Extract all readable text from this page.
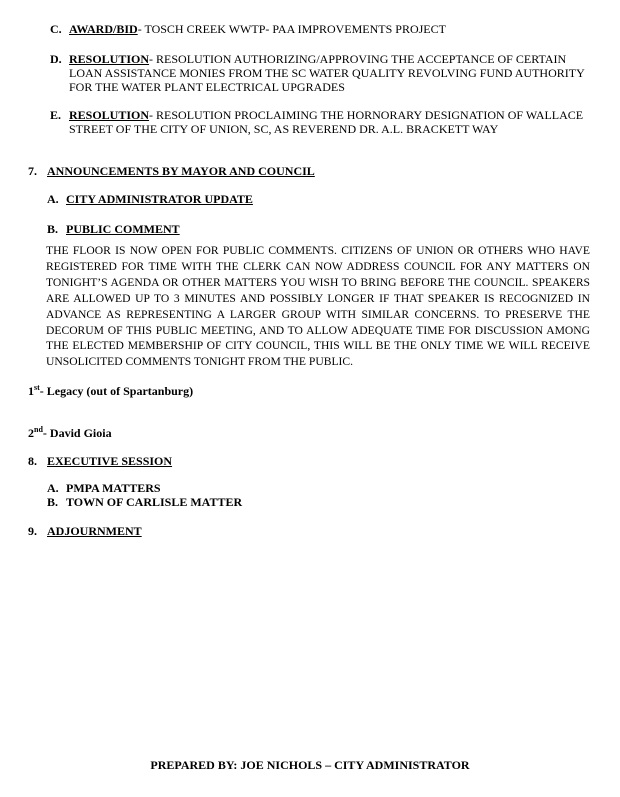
C. AWARD/BID- TOSCH CREEK WWTP- PAA IMPROVEMENTS PROJECT
D. RESOLUTION- RESOLUTION AUTHORIZING/APPROVING THE ACCEPTANCE OF CERTAIN
LOAN ASSISTANCE MONIES FROM THE SC WATER QUALITY REVOLVING FUND AUTHORITY
FOR THE WATER PLANT ELECTRICAL UPGRADES
E. RESOLUTION- RESOLUTION PROCLAIMING THE HORNORARY DESIGNATION OF WALLACE
STREET OF THE CITY OF UNION, SC, AS REVEREND DR. A.L. BRACKETT WAY
7. ANNOUNCEMENTS BY MAYOR AND COUNCIL
A. CITY ADMINISTRATOR UPDATE
B. PUBLIC COMMENT
THE FLOOR IS NOW OPEN FOR PUBLIC COMMENTS. CITIZENS OF UNION OR OTHERS WHO HAVE REGISTERED FOR TIME WITH THE CLERK CAN NOW ADDRESS COUNCIL FOR ANY MATTERS ON TONIGHT’S AGENDA OR OTHER MATTERS YOU WISH TO BRING BEFORE THE COUNCIL. SPEAKERS ARE ALLOWED UP TO 3 MINUTES AND POSSIBLY LONGER IF THAT SPEAKER IS RECOGNIZED IN ADVANCE AS REPRESENTING A LARGER GROUP WITH SIMILAR CONCERNS. TO PRESERVE THE DECORUM OF THIS PUBLIC MEETING, AND TO ALLOW ADEQUATE TIME FOR DISCUSSION AMONG THE ELECTED MEMBERSHIP OF CITY COUNCIL, THIS WILL BE THE ONLY TIME WE WILL RECEIVE UNSOLICITED COMMENTS TONIGHT FROM THE PUBLIC.
1st- Legacy (out of Spartanburg)
2nd- David Gioia
8. EXECUTIVE SESSION
A. PMPA MATTERS
B. TOWN OF CARLISLE MATTER
9. ADJOURNMENT
PREPARED BY: JOE NICHOLS – CITY ADMINISTRATOR
